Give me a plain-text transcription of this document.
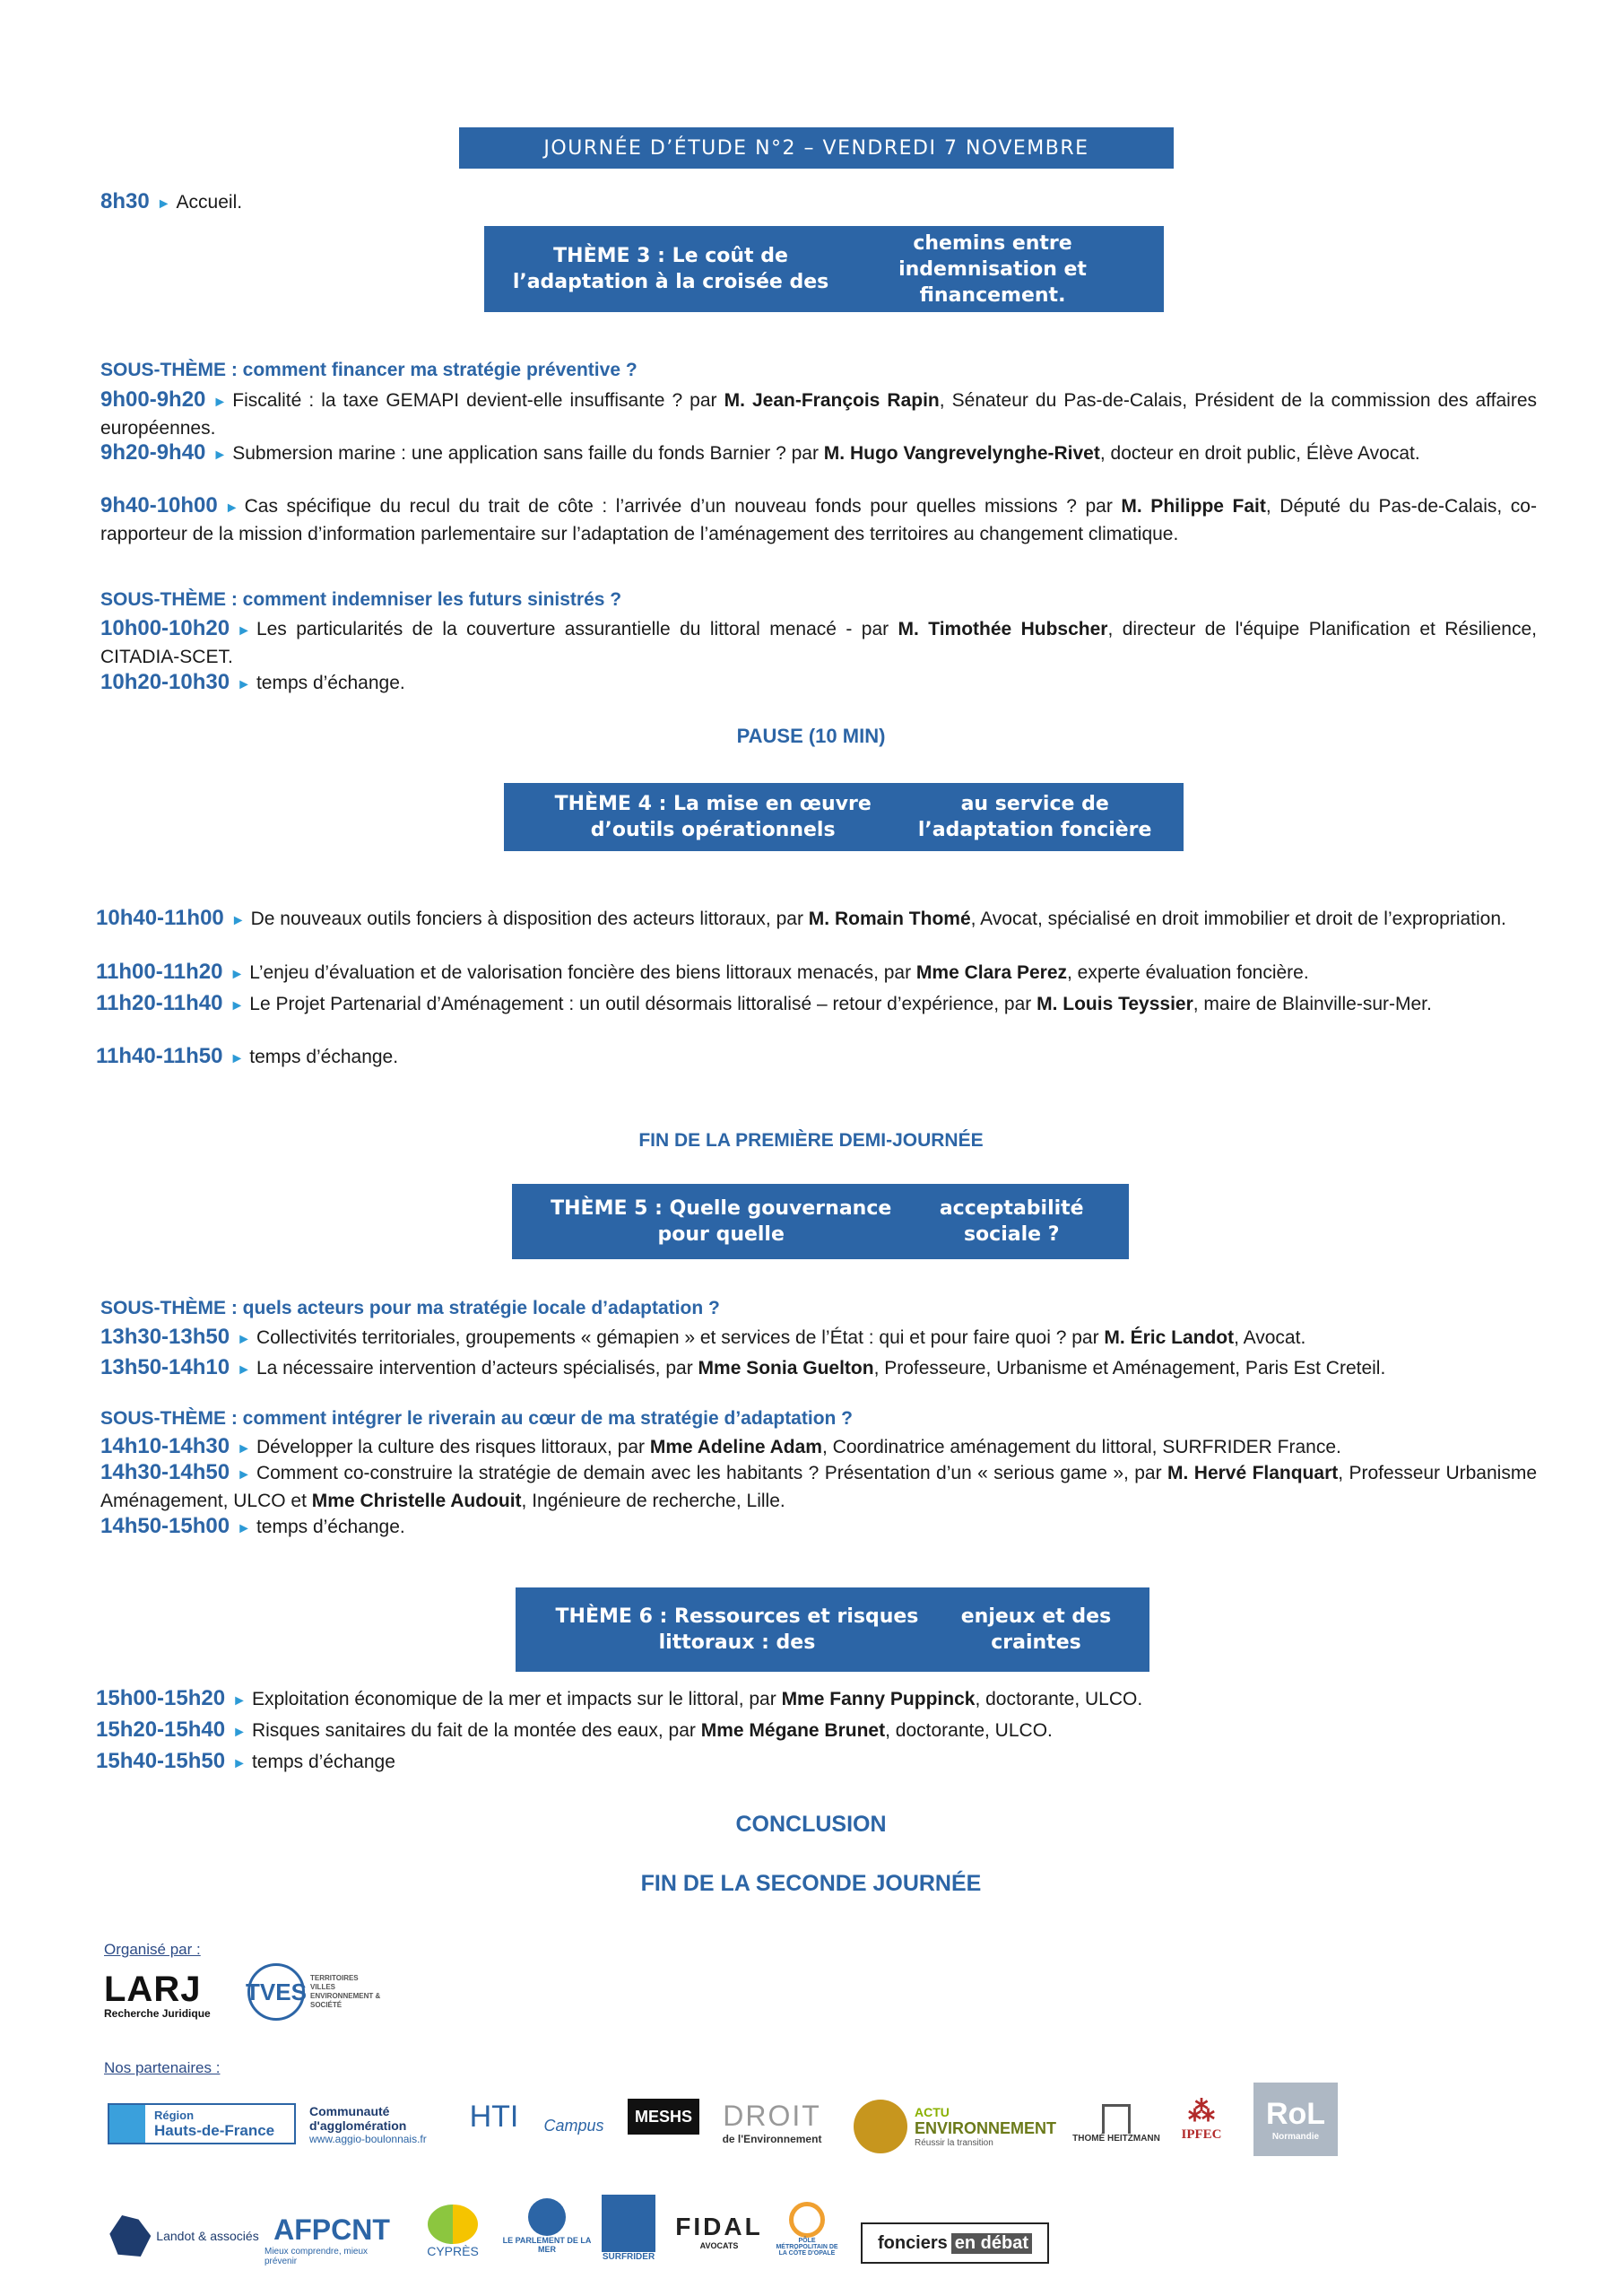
JOURNÉE D’ÉTUDE N°2 – VENDREDI 7 NOVEMBRE
8h30 ► Accueil.
THÈME 3 : Le coût de l’adaptation à la croisée des
chemins entre indemnisation et financement.
SOUS-THÈME : comment financer ma stratégie préventive ?
9h00-9h20 ► Fiscalité : la taxe GEMAPI devient-elle insuffisante ? par M. Jean-François Rapin, Sénateur du Pas-de-Calais, Président de la commission des affaires européennes.
9h20-9h40 ► Submersion marine : une application sans faille du fonds Barnier ? par M. Hugo Vangrevelynghe-Rivet, docteur en droit public, Élève Avocat.
9h40-10h00 ► Cas spécifique du recul du trait de côte : l’arrivée d’un nouveau fonds pour quelles missions ? par M. Philippe Fait, Député du Pas-de-Calais, co-rapporteur de la mission d’information parlementaire sur l’adaptation de l’aménagement des territoires au changement climatique.
SOUS-THÈME : comment indemniser les futurs sinistrés ?
10h00-10h20 ► Les particularités de la couverture assurantielle du littoral menacé - par M. Timothée Hubscher, directeur de l'équipe Planification et Résilience, CITADIA-SCET.
10h20-10h30 ► temps d’échange.
PAUSE (10 MIN)
THÈME 4 : La mise en œuvre d’outils opérationnels
au service de l’adaptation foncière
10h40-11h00 ► De nouveaux outils fonciers à disposition des acteurs littoraux, par M. Romain Thomé, Avocat, spécialisé en droit immobilier et droit de l’expropriation.
11h00-11h20 ► L’enjeu d’évaluation et de valorisation foncière des biens littoraux menacés, par Mme Clara Perez, experte évaluation foncière.
11h20-11h40 ► Le Projet Partenarial d’Aménagement : un outil désormais littoralisé – retour d’expérience, par M. Louis Teyssier, maire de Blainville-sur-Mer.
11h40-11h50 ► temps d’échange.
FIN DE LA PREMIÈRE DEMI-JOURNÉE
THÈME 5 : Quelle gouvernance pour quelle
acceptabilité sociale ?
SOUS-THÈME : quels acteurs pour ma stratégie locale d’adaptation ?
13h30-13h50 ► Collectivités territoriales, groupements « gémapien » et services de l’État : qui et pour faire quoi ? par M. Éric Landot, Avocat.
13h50-14h10 ► La nécessaire intervention d’acteurs spécialisés, par Mme Sonia Guelton, Professeure, Urbanisme et Aménagement, Paris Est Creteil.
SOUS-THÈME : comment intégrer le riverain au cœur de ma stratégie d’adaptation ?
14h10-14h30 ► Développer la culture des risques littoraux, par Mme Adeline Adam, Coordinatrice aménagement du littoral, SURFRIDER France.
14h30-14h50 ► Comment co-construire la stratégie de demain avec les habitants ? Présentation d’un « serious game », par M. Hervé Flanquart, Professeur Urbanisme Aménagement, ULCO et Mme Christelle Audouit, Ingénieure de recherche, Lille.
14h50-15h00 ► temps d’échange.
THÈME 6 : Ressources et risques littoraux : des
enjeux et des craintes
15h00-15h20 ► Exploitation économique de la mer et impacts sur le littoral, par Mme Fanny Puppinck, doctorante, ULCO.
15h20-15h40 ► Risques sanitaires du fait de la montée des eaux, par Mme Mégane Brunet, doctorante, ULCO.
15h40-15h50 ► temps d’échange
CONCLUSION
FIN DE LA SECONDE JOURNÉE
Organisé par :
LARJ
Recherche Juridique
TVES TERRITOIRES VILLES ENVIRONNEMENT & SOCIÉTÉ
Nos partenaires :
Région
Hauts-de-France
Communauté
d'agglomération
www.aggio-boulonnais.fr
HTI	Campus	MESHS DROIT
de l'Environnement
ACTU
ENVIRONNEMENT
Réussir la transition	THOMÉ HEITZMANN
⁂
IPFEC
RoL
Normandie
Landot & associés AFPCNT
Mieux comprendre, mieux prévenir
CYPRÈS
LE PARLEMENT DE LA MER
SURFRIDER
FIDAL
AVOCATS
PÔLE MÉTROPOLITAIN DE LA CÔTE D'OPALE
fonciers en débat
